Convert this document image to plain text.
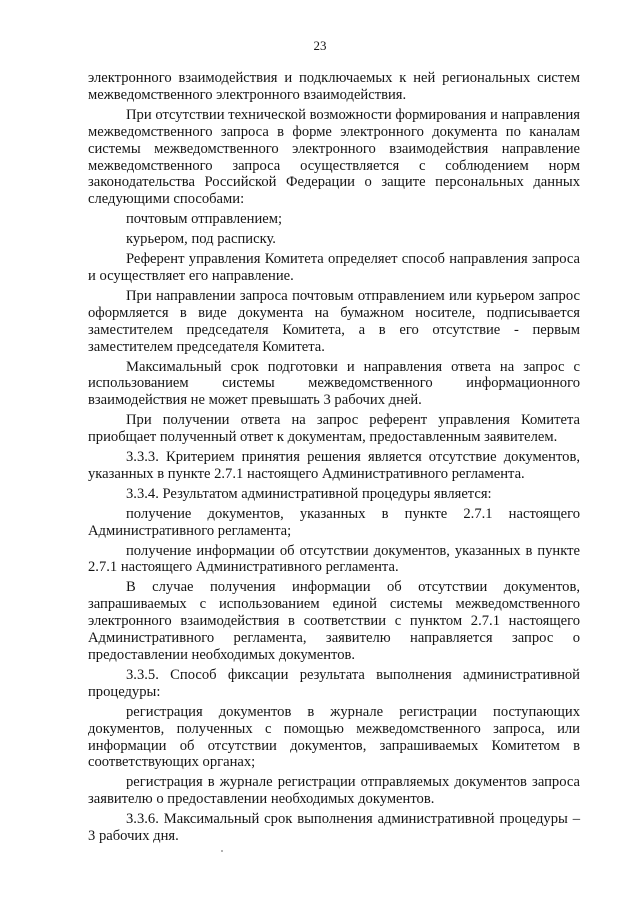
23

электронного взаимодействия и подключаемых к ней региональных систем межведомственного электронного взаимодействия.

При отсутствии технической возможности формирования и направления межведомственного запроса в форме электронного документа по каналам системы межведомственного электронного взаимодействия направление межведомственного запроса осуществляется с соблюдением норм законодательства Российской Федерации о защите персональных данных следующими способами:

почтовым отправлением;

курьером, под расписку.

Референт управления Комитета определяет способ направления запроса и осуществляет его направление.

При направлении запроса почтовым отправлением или курьером запрос оформляется в виде документа на бумажном носителе, подписывается заместителем председателя Комитета, а в его отсутствие - первым заместителем председателя Комитета.

Максимальный срок подготовки и направления ответа на запрос с использованием системы межведомственного информационного взаимодействия не может превышать 3 рабочих дней.

При получении ответа на запрос референт управления Комитета приобщает полученный ответ к документам, предоставленным заявителем.

3.3.3. Критерием принятия решения является отсутствие документов, указанных в пункте 2.7.1 настоящего Административного регламента.

3.3.4. Результатом административной процедуры является:

получение документов, указанных в пункте 2.7.1 настоящего Административного регламента;

получение информации об отсутствии документов, указанных в пункте 2.7.1 настоящего Административного регламента.

В случае получения информации об отсутствии документов, запрашиваемых с использованием единой системы межведомственного электронного взаимодействия в соответствии с пунктом 2.7.1 настоящего Административного регламента, заявителю направляется запрос о предоставлении необходимых документов.

3.3.5. Способ фиксации результата выполнения административной процедуры:

регистрация документов в журнале регистрации поступающих документов, полученных с помощью межведомственного запроса, или информации об отсутствии документов, запрашиваемых Комитетом в соответствующих органах;

регистрация в журнале регистрации отправляемых документов запроса заявителю о предоставлении необходимых документов.

3.3.6. Максимальный срок выполнения административной процедуры – 3 рабочих дня.
